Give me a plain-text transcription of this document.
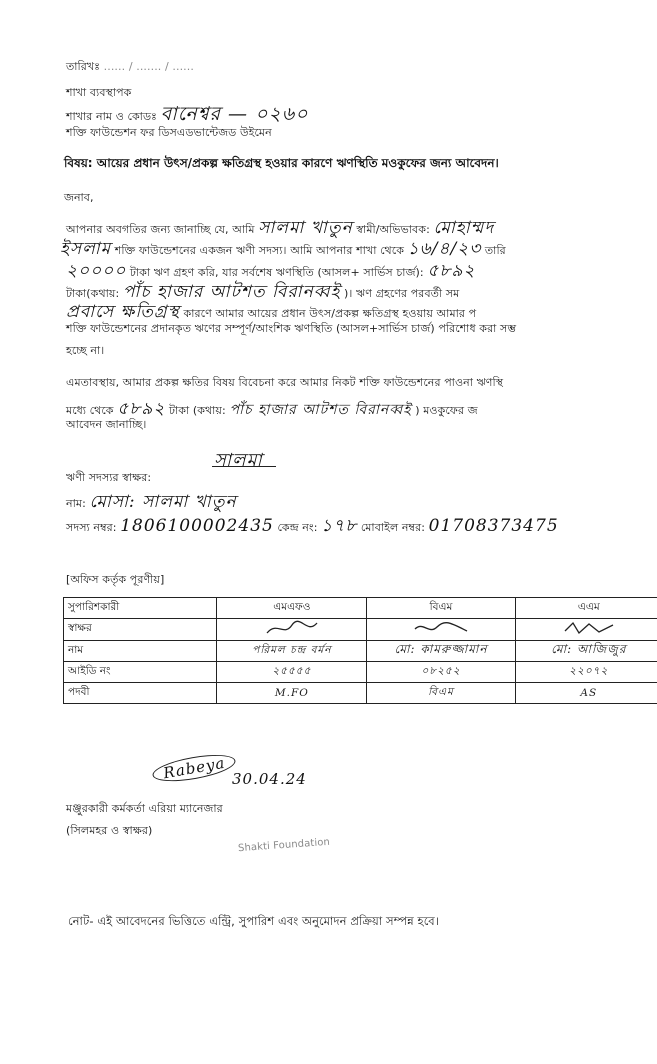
তারিখঃ ...... / ....... / ......
শাখা ব্যবস্থাপক
শাখার নাম ও কোডঃ বানেশ্বর — ০২৬০
শক্তি ফাউন্ডেশন ফর ডিসএডভান্টেজড উইমেন
বিষয়: আয়ের প্রধান উৎস/প্রকল্প ক্ষতিগ্রস্থ হওয়ার কারণে ঋণস্থিতি মওকুফের জন্য আবেদন।
জনাব,
আপনার অবগতির জন্য জানাচ্ছি যে, আমি সালমা খাতুন স্বামী/অভিভাবক: মোহাম্মদ
ইসলাম শক্তি ফাউন্ডেশনের একজন ঋণী সদস্য। আমি আপনার শাখা থেকে ১৬/৪/২৩ তারি
২০০০০ টাকা ঋণ গ্রহণ করি, যার সর্বশেষ ঋণস্থিতি (আসল+ সার্ভিস চার্জ): ৫৮৯২
টাকা(কথায়: পাঁচ হাজার আটশত বিরানব্বই )। ঋণ গ্রহণের পরবর্তী সম
প্রবাসে ক্ষতিগ্রস্থ কারণে আমার আয়ের প্রধান উৎস/প্রকল্প ক্ষতিগ্রস্থ হওয়ায় আমার প
শক্তি ফাউন্ডেশনের প্রদানকৃত ঋণের সম্পূর্ণ/আংশিক ঋণস্থিতি (আসল+সার্ভিস চার্জ) পরিশোধ করা সম্ভ
হচ্ছে না।
এমতাবস্থায়, আমার প্রকল্প ক্ষতির বিষয় বিবেচনা করে আমার নিকট শক্তি ফাউন্ডেশনের পাওনা ঋণস্থি
মধ্যে থেকে ৫৮৯২ টাকা (কথায়: পাঁচ হাজার আটশত বিরানব্বই ) মওকুফের জ
আবেদন জানাচ্ছি।
সালমা
ঋণী সদস্যর স্বাক্ষর:
নাম: মোসা: সালমা খাতুন
সদস্য নম্বর: 1806100002435 কেন্দ্র নং: ১৭৮ মোবাইল নম্বর: 01708373475
[অফিস কর্তৃক পূরণীয়]
সুপারিশকারী	এমএফও	বিএম	এএম
স্বাক্ষর			
নাম	পরিমল চন্দ্র বর্মন	মো: কামরুজ্জামান	মো: আজিজুর
আইডি নং	২৫৫৫৫	০৮২৫২	২২০৭২
পদবী	M.FO	বিএম	AS
Rabeya 30.04.24
মঞ্জুরকারী কর্মকর্তা এরিয়া ম্যানেজার
(সিলমহর ও স্বাক্ষর)
Shakti Foundation
নোট- এই আবেদনের ভিত্তিতে এন্ট্রি, সুপারিশ এবং অনুমোদন প্রক্রিয়া সম্পন্ন হবে।
